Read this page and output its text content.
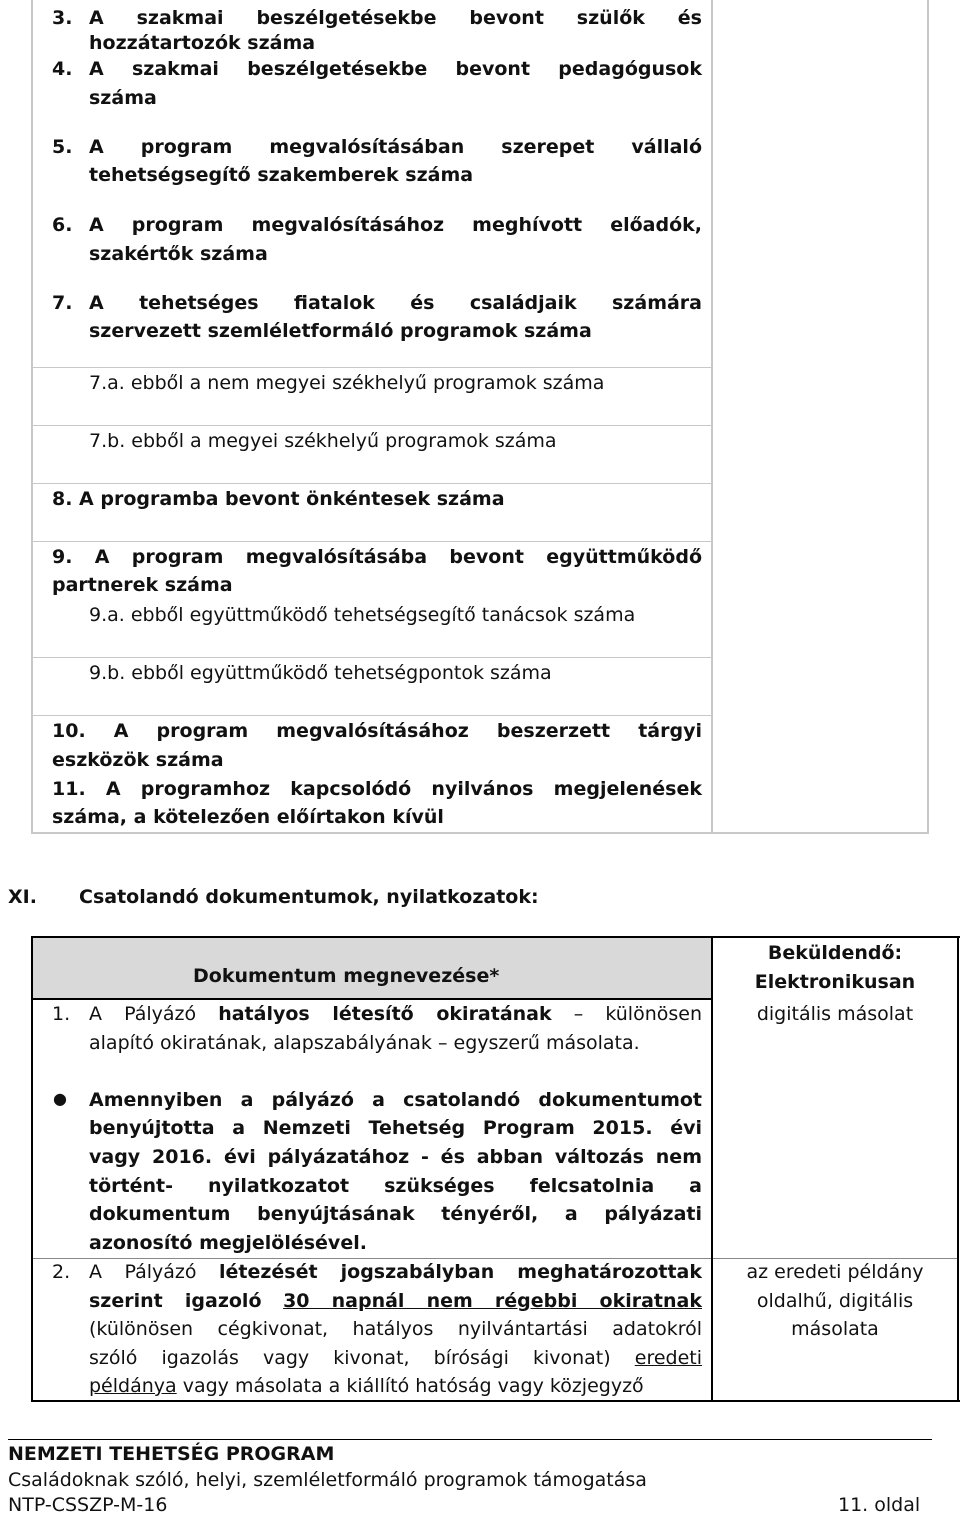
3. A szakmai beszélgetésekbe bevont szülők és
hozzátartozók száma
4. A szakmai beszélgetésekbe bevont pedagógusok
száma
5. A program megvalósításában szerepet vállaló
tehetségsegítő szakemberek száma
6. A program megvalósításához meghívott előadók,
szakértők száma
7. A tehetséges fiatalok és családjaik számára
szervezett szemléletformáló programok száma
7.a. ebből a nem megyei székhelyű programok száma
7.b. ebből a megyei székhelyű programok száma
8. A programba bevont önkéntesek száma
9. A program megvalósításába bevont együttműködő
partnerek száma
9.a. ebből együttműködő tehetségsegítő tanácsok száma
9.b. ebből együttműködő tehetségpontok száma
10. A program megvalósításához beszerzett tárgyi
eszközök száma
11. A programhoz kapcsolódó nyilvános megjelenések
száma, a kötelezően előírtakon kívül
XI. Csatolandó dokumentumok, nyilatkozatok:
Dokumentum megnevezése*
Beküldendő:
Elektronikusan
1. A Pályázó hatályos létesítő okiratának – különösen
alapító okiratának, alapszabályának – egyszerű másolata.
digitális másolat
● Amennyiben a pályázó a csatolandó dokumentumot
benyújtotta a Nemzeti Tehetség Program 2015. évi
vagy 2016. évi pályázatához - és abban változás nem
történt- nyilatkozatot szükséges felcsatolnia a
dokumentum benyújtásának tényéről, a pályázati
azonosító megjelölésével.
2. A Pályázó létezését jogszabályban meghatározottak
szerint igazoló 30 napnál nem régebbi okiratnak
(különösen cégkivonat, hatályos nyilvántartási adatokról
szóló igazolás vagy kivonat, bírósági kivonat) eredeti
példánya vagy másolata a kiállító hatóság vagy közjegyző
az eredeti példány
oldalhű, digitális
másolata
NEMZETI TEHETSÉG PROGRAM
Családoknak szóló, helyi, szemléletformáló programok támogatása
NTP-CSSZP-M-16	11. oldal
